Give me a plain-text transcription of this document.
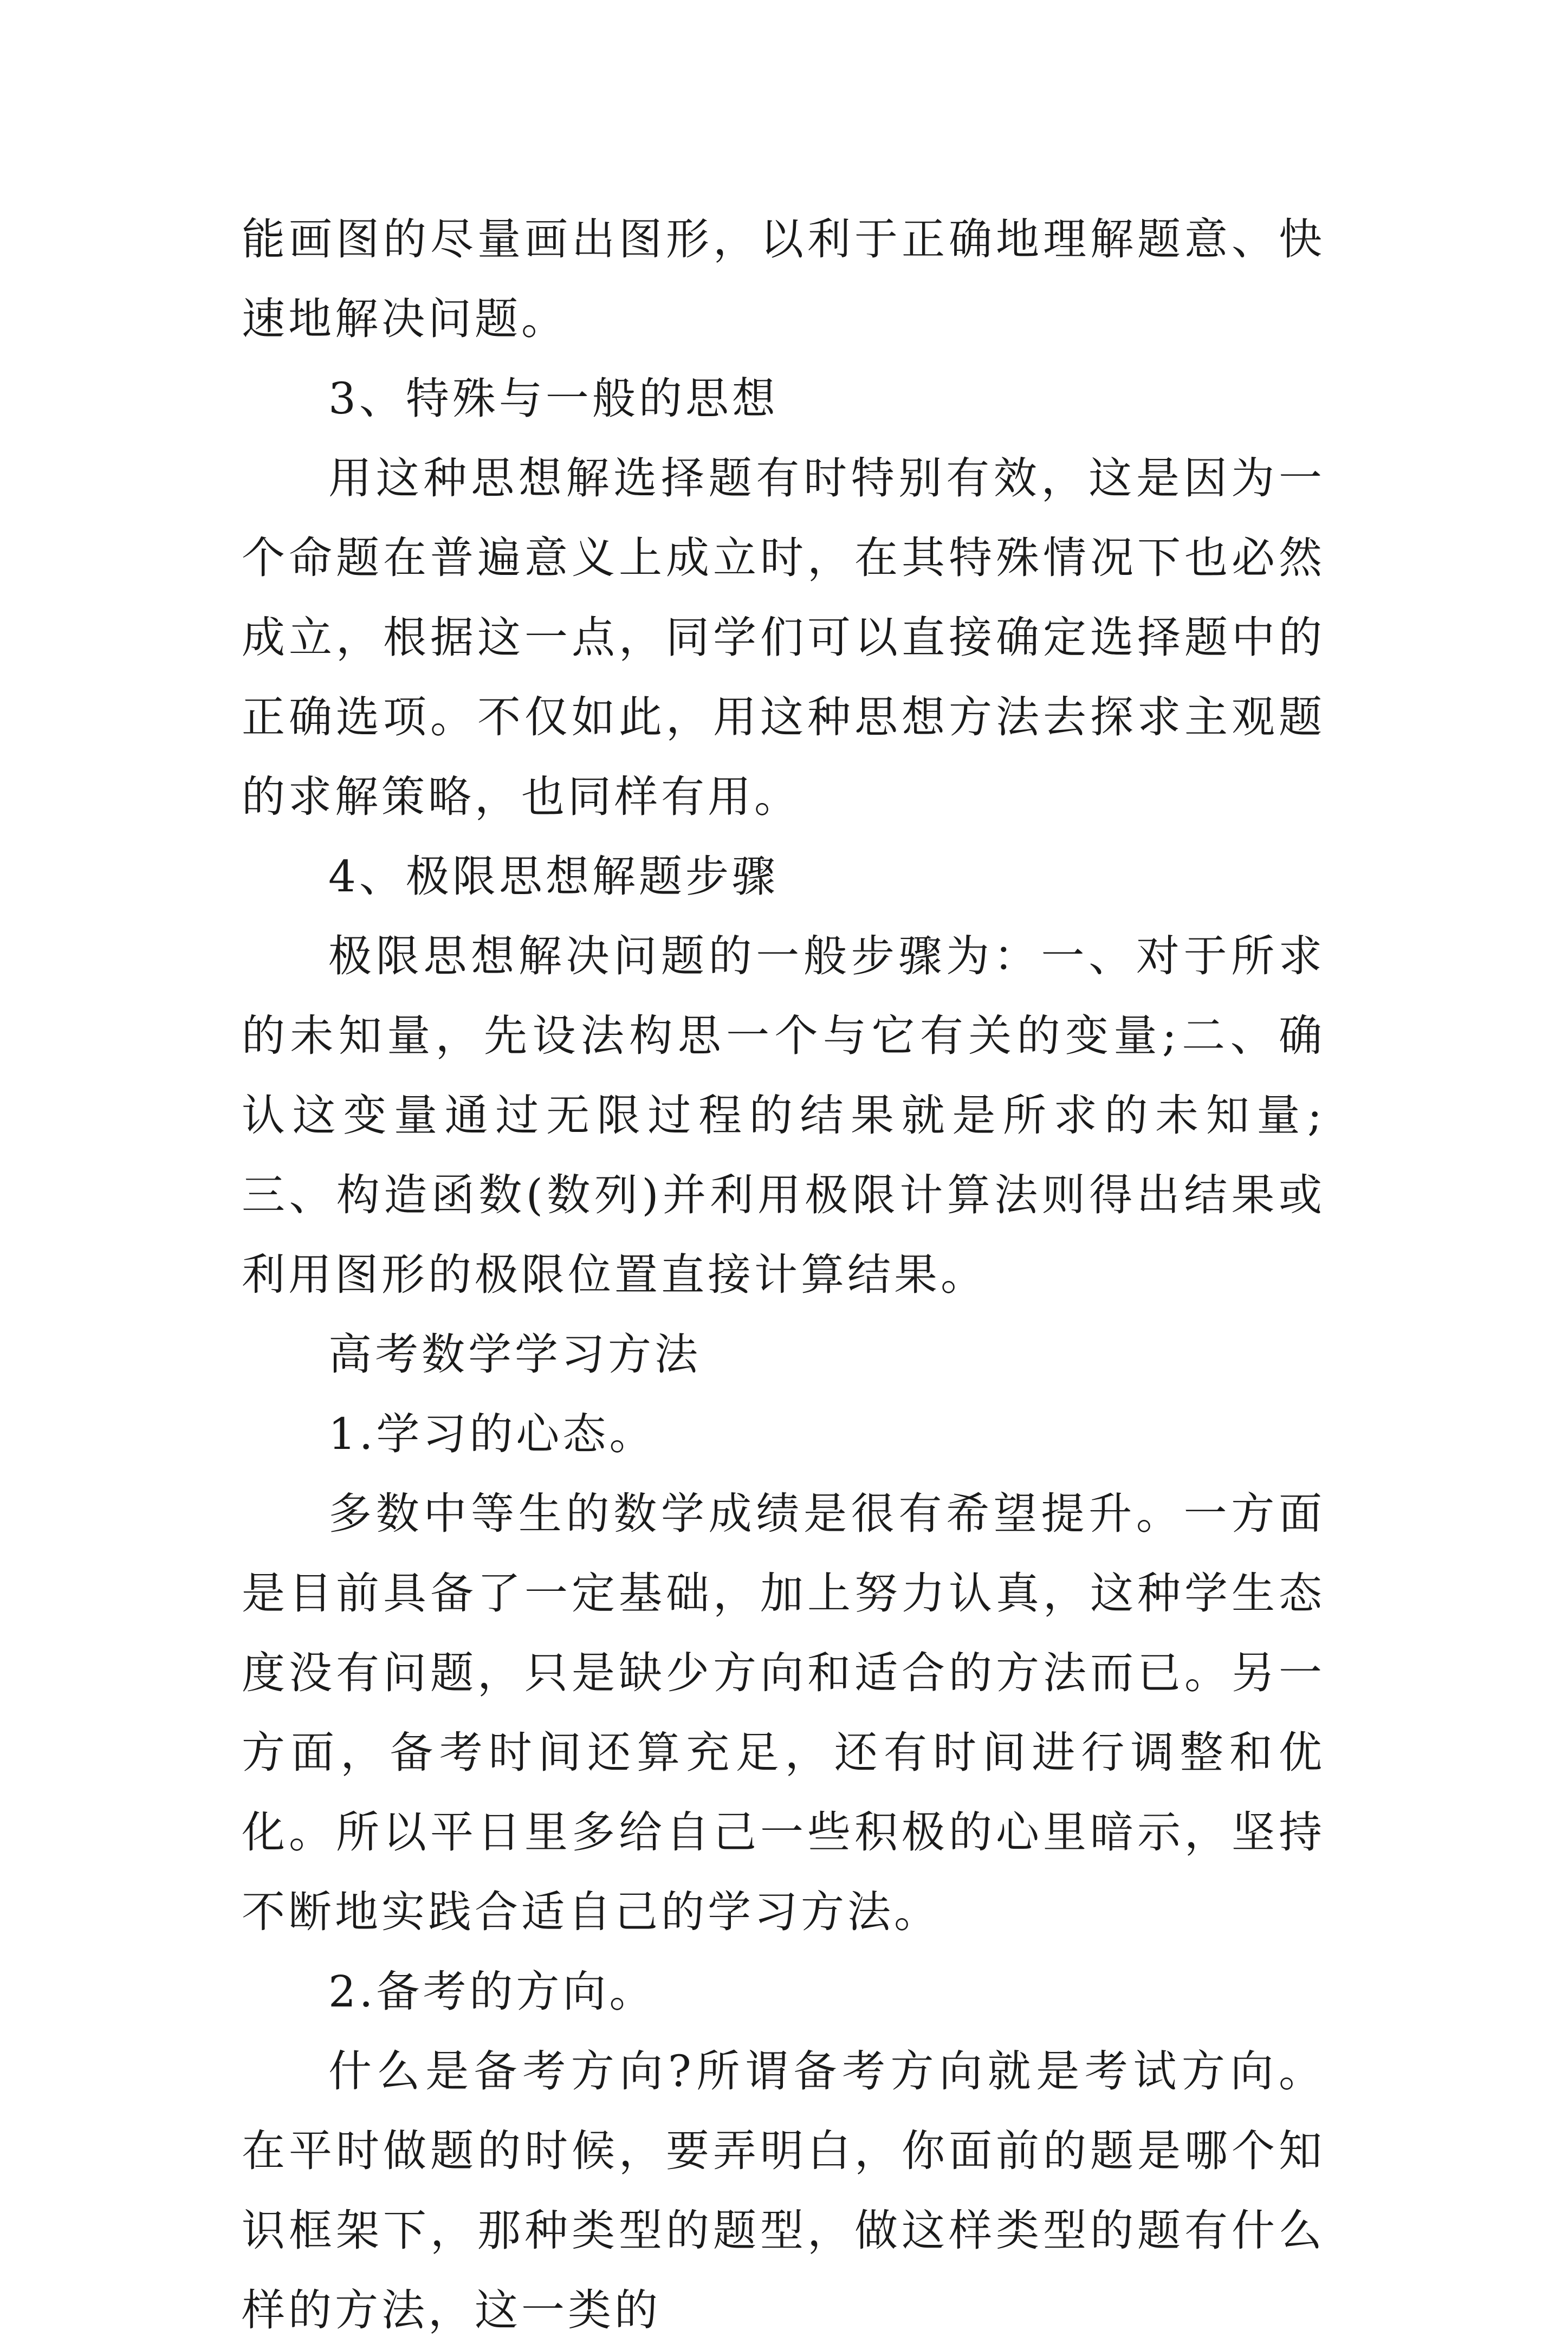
能画图的尽量画出图形，以利于正确地理解题意、快速地解决问题。

3、特殊与一般的思想

用这种思想解选择题有时特别有效，这是因为一个命题在普遍意义上成立时，在其特殊情况下也必然成立，根据这一点，同学们可以直接确定选择题中的正确选项。不仅如此，用这种思想方法去探求主观题的求解策略，也同样有用。

4、极限思想解题步骤

极限思想解决问题的一般步骤为：一、对于所求的未知量，先设法构思一个与它有关的变量;二、确认这变量通过无限过程的结果就是所求的未知量;三、构造函数(数列)并利用极限计算法则得出结果或利用图形的极限位置直接计算结果。

高考数学学习方法

1.学习的心态。

多数中等生的数学成绩是很有希望提升。一方面是目前具备了一定基础，加上努力认真，这种学生态度没有问题，只是缺少方向和适合的方法而已。另一方面，备考时间还算充足，还有时间进行调整和优化。所以平日里多给自己一些积极的心里暗示，坚持不断地实践合适自己的学习方法。

2.备考的方向。

什么是备考方向?所谓备考方向就是考试方向。在平时做题的时候，要弄明白，你面前的题是哪个知识框架下，那种类型的题型，做这样类型的题有什么样的方法，这一类的
